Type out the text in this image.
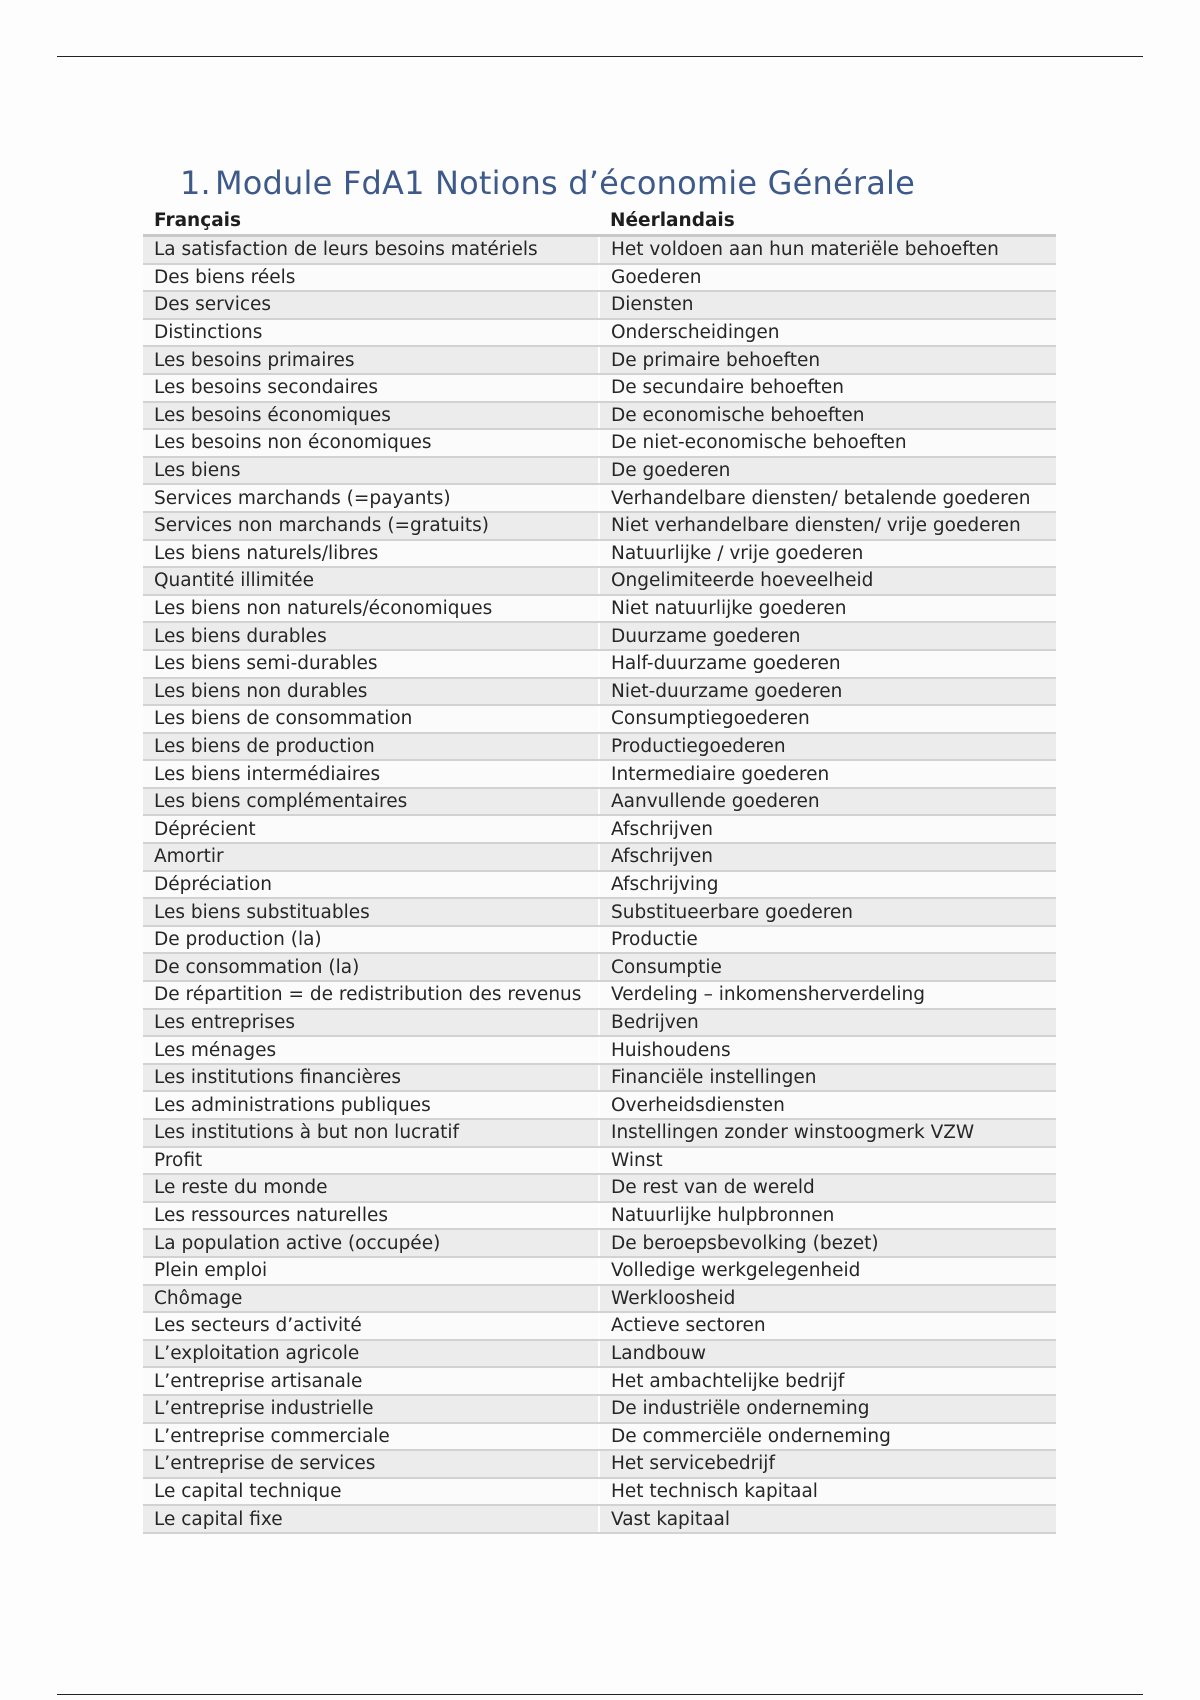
1. Module FdA1 Notions d’économie Générale
Français	Néerlandais
La satisfaction de leurs besoins matériels	Het voldoen aan hun materiële behoeften
Des biens réels	Goederen
Des services	Diensten
Distinctions	Onderscheidingen
Les besoins primaires	De primaire behoeften
Les besoins secondaires	De secundaire behoeften
Les besoins économiques	De economische behoeften
Les besoins non économiques	De niet-economische behoeften
Les biens	De goederen
Services marchands (=payants)	Verhandelbare diensten/ betalende goederen
Services non marchands (=gratuits)	Niet verhandelbare diensten/ vrije goederen
Les biens naturels/libres	Natuurlijke / vrije goederen
Quantité illimitée	Ongelimiteerde hoeveelheid
Les biens non naturels/économiques	Niet natuurlijke goederen
Les biens durables	Duurzame goederen
Les biens semi-durables	Half-duurzame goederen
Les biens non durables	Niet-duurzame goederen
Les biens de consommation	Consumptiegoederen
Les biens de production	Productiegoederen
Les biens intermédiaires	Intermediaire goederen
Les biens complémentaires	Aanvullende goederen
Déprécient	Afschrijven
Amortir	Afschrijven
Dépréciation	Afschrijving
Les biens substituables	Substitueerbare goederen
De production (la)	Productie
De consommation (la)	Consumptie
De répartition = de redistribution des revenus	Verdeling – inkomensherverdeling
Les entreprises	Bedrijven
Les ménages	Huishoudens
Les institutions financières	Financiële instellingen
Les administrations publiques	Overheidsdiensten
Les institutions à but non lucratif	Instellingen zonder winstoogmerk VZW
Profit	Winst
Le reste du monde	De rest van de wereld
Les ressources naturelles	Natuurlijke hulpbronnen
La population active (occupée)	De beroepsbevolking (bezet)
Plein emploi	Volledige werkgelegenheid
Chômage	Werkloosheid
Les secteurs d’activité	Actieve sectoren
L’exploitation agricole	Landbouw
L’entreprise artisanale	Het ambachtelijke bedrijf
L’entreprise industrielle	De industriële onderneming
L’entreprise commerciale	De commerciële onderneming
L’entreprise de services	Het servicebedrijf
Le capital technique	Het technisch kapitaal
Le capital fixe	Vast kapitaal
